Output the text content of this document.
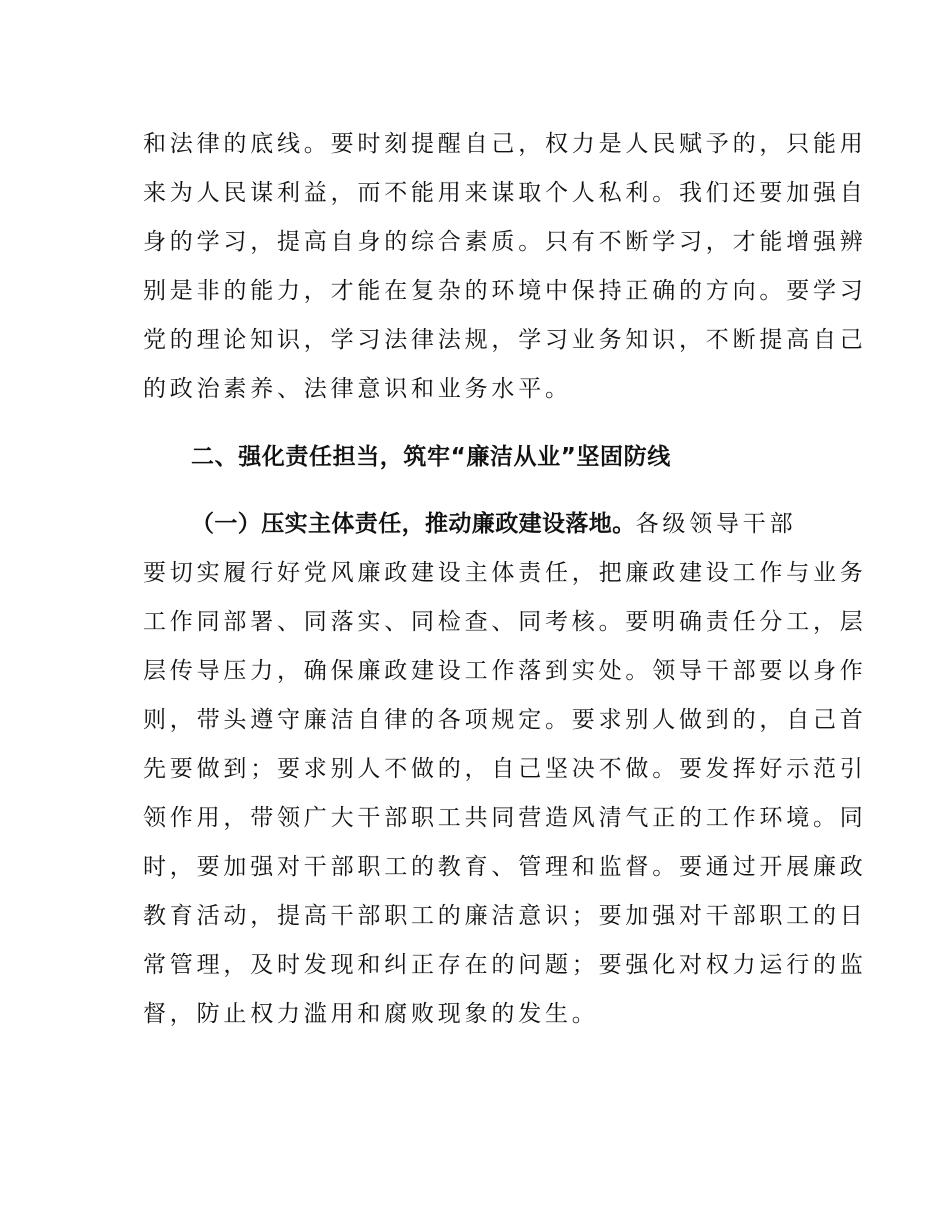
和法律的底线。要时刻提醒自己，权力是人民赋予的，只能用
来为人民谋利益，而不能用来谋取个人私利。我们还要加强自
身的学习，提高自身的综合素质。只有不断学习，才能增强辨
别是非的能力，才能在复杂的环境中保持正确的方向。要学习
党的理论知识，学习法律法规，学习业务知识，不断提高自己
的政治素养、法律意识和业务水平。
二、强化责任担当，筑牢“廉洁从业”坚固防线
（一）压实主体责任，推动廉政建设落地。各级领导干部
要切实履行好党风廉政建设主体责任，把廉政建设工作与业务
工作同部署、同落实、同检查、同考核。要明确责任分工，层
层传导压力，确保廉政建设工作落到实处。领导干部要以身作
则，带头遵守廉洁自律的各项规定。要求别人做到的，自己首
先要做到；要求别人不做的，自己坚决不做。要发挥好示范引
领作用，带领广大干部职工共同营造风清气正的工作环境。同
时，要加强对干部职工的教育、管理和监督。要通过开展廉政
教育活动，提高干部职工的廉洁意识；要加强对干部职工的日
常管理，及时发现和纠正存在的问题；要强化对权力运行的监
督，防止权力滥用和腐败现象的发生。
